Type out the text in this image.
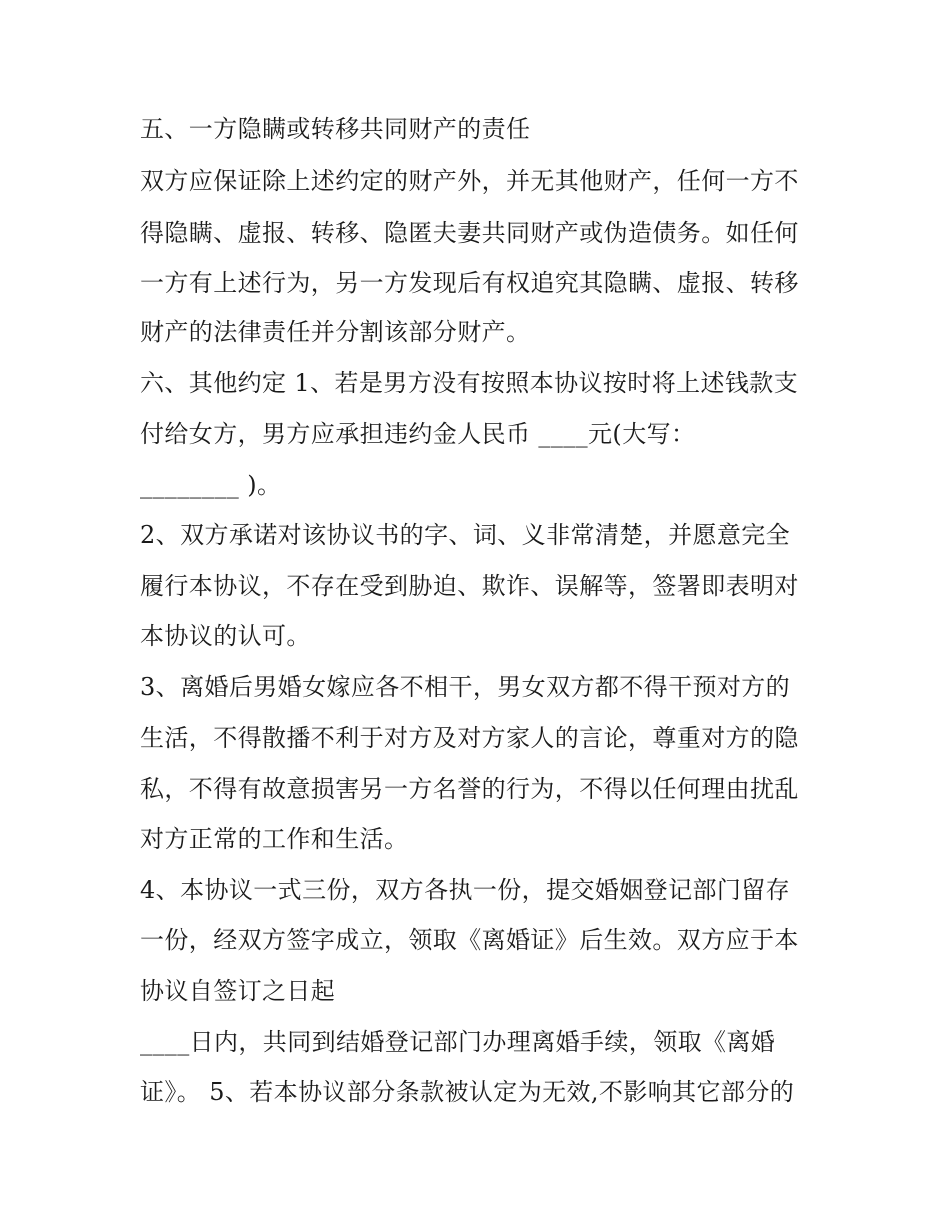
五、一方隐瞒或转移共同财产的责任
双方应保证除上述约定的财产外，并无其他财产，任何一方不
得隐瞒、虚报、转移、隐匿夫妻共同财产或伪造债务。如任何
一方有上述行为，另一方发现后有权追究其隐瞒、虚报、转移
财产的法律责任并分割该部分财产。
六、其他约定 1、若是男方没有按照本协议按时将上述钱款支
付给女方，男方应承担违约金人民币 ____元(大写：
________ )。
2、双方承诺对该协议书的字、词、义非常清楚，并愿意完全
履行本协议，不存在受到胁迫、欺诈、误解等，签署即表明对
本协议的认可。
3、离婚后男婚女嫁应各不相干，男女双方都不得干预对方的
生活，不得散播不利于对方及对方家人的言论，尊重对方的隐
私，不得有故意损害另一方名誉的行为，不得以任何理由扰乱
对方正常的工作和生活。
4、本协议一式三份，双方各执一份，提交婚姻登记部门留存
一份，经双方签字成立，领取《离婚证》后生效。双方应于本
协议自签订之日起
____日内，共同到结婚登记部门办理离婚手续，领取《离婚
证》。 5、若本协议部分条款被认定为无效,不影响其它部分的
